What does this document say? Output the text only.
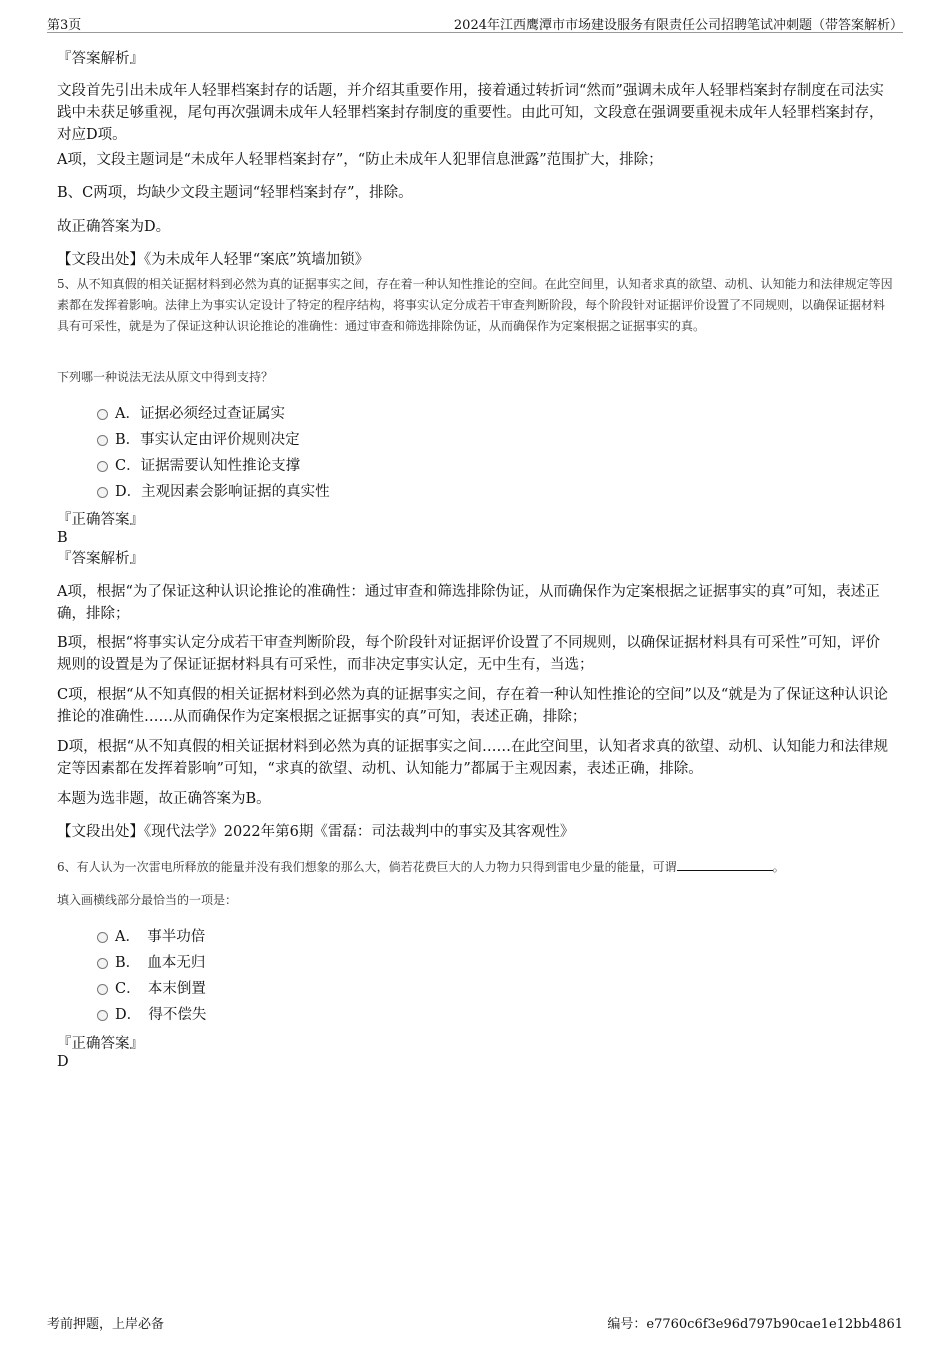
第3页	2024年江西鹰潭市市场建设服务有限责任公司招聘笔试冲刺题（带答案解析）
『答案解析』
文段首先引出未成年人轻罪档案封存的话题，并介绍其重要作用，接着通过转折词“然而”强调未成年人轻罪档案封存制度在司法实践中未获足够重视，尾句再次强调未成年人轻罪档案封存制度的重要性。由此可知，文段意在强调要重视未成年人轻罪档案封存，对应D项。
A项，文段主题词是“未成年人轻罪档案封存”，“防止未成年人犯罪信息泄露”范围扩大，排除；
B、C两项，均缺少文段主题词“轻罪档案封存”，排除。
故正确答案为D。
【文段出处】《为未成年人轻罪“案底”筑墙加锁》
5、从不知真假的相关证据材料到必然为真的证据事实之间，存在着一种认知性推论的空间。在此空间里，认知者求真的欲望、动机、认知能力和法律规定等因素都在发挥着影响。法律上为事实认定设计了特定的程序结构，将事实认定分成若干审查判断阶段，每个阶段针对证据评价设置了不同规则，以确保证据材料具有可采性，就是为了保证这种认识论推论的准确性：通过审查和筛选排除伪证，从而确保作为定案根据之证据事实的真。
下列哪一种说法无法从原文中得到支持？
A．证据必须经过查证属实
B．事实认定由评价规则决定
C．证据需要认知性推论支撑
D．主观因素会影响证据的真实性
『正确答案』
B
『答案解析』
A项，根据“为了保证这种认识论推论的准确性：通过审查和筛选排除伪证，从而确保作为定案根据之证据事实的真”可知，表述正确，排除；
B项，根据“将事实认定分成若干审查判断阶段，每个阶段针对证据评价设置了不同规则，以确保证据材料具有可采性”可知，评价规则的设置是为了保证证据材料具有可采性，而非决定事实认定，无中生有，当选；
C项，根据“从不知真假的相关证据材料到必然为真的证据事实之间，存在着一种认知性推论的空间”以及“就是为了保证这种认识论推论的准确性……从而确保作为定案根据之证据事实的真”可知，表述正确，排除；
D项，根据“从不知真假的相关证据材料到必然为真的证据事实之间……在此空间里，认知者求真的欲望、动机、认知能力和法律规定等因素都在发挥着影响”可知，“求真的欲望、动机、认知能力”都属于主观因素，表述正确，排除。
本题为选非题，故正确答案为B。
【文段出处】《现代法学》2022年第6期《雷磊：司法裁判中的事实及其客观性》
6、有人认为一次雷电所释放的能量并没有我们想象的那么大，倘若花费巨大的人力物力只得到雷电少量的能量，可谓	。
填入画横线部分最恰当的一项是：
A．　事半功倍
B．　血本无归
C．　本末倒置
D．　得不偿失
『正确答案』
D
考前押题，上岸必备	编号：e7760c6f3e96d797b90cae1e12bb4861
